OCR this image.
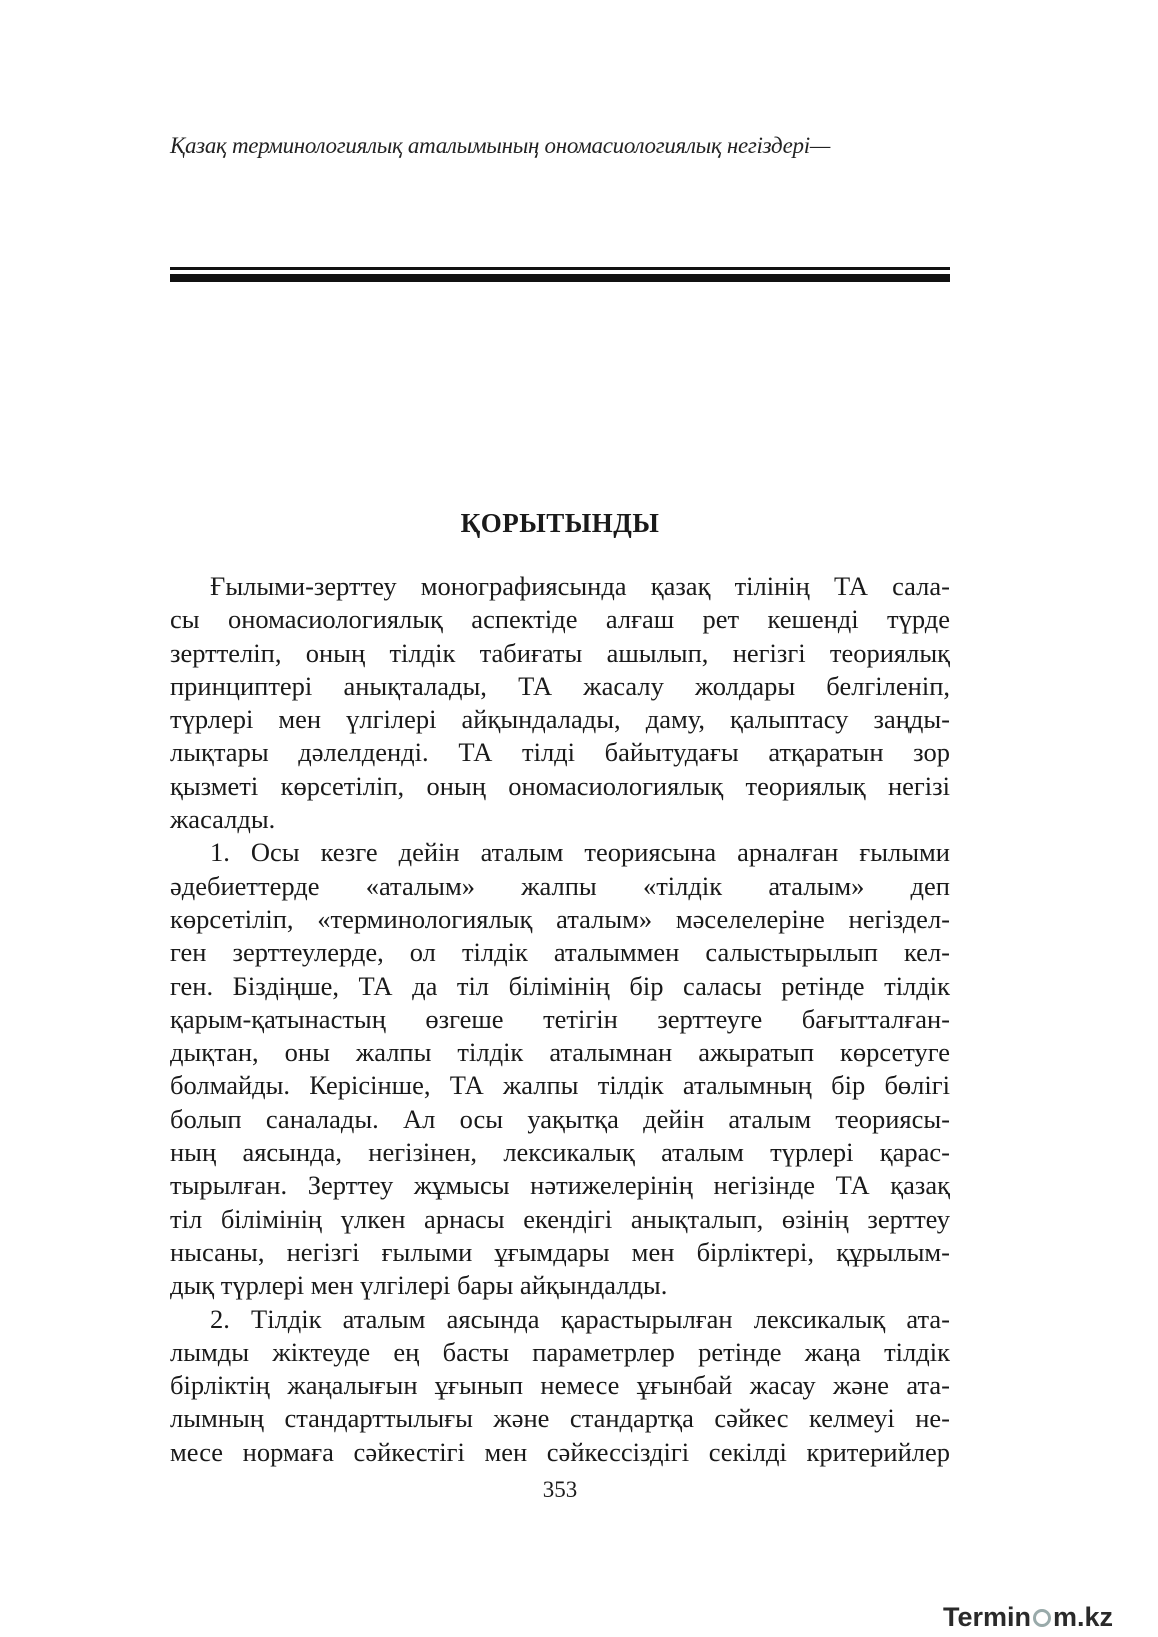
Қазақ терминологиялық аталымының ономасиологиялық негіздері—
ҚОРЫТЫНДЫ
Ғылыми-зерттеу монографиясында қазақ тілінің ТА сала-
сы ономасиологиялық аспектіде алғаш рет кешенді түрде
зерттеліп, оның тілдік табиғаты ашылып, негізгі теориялық
принциптері анықталады, ТА жасалу жолдары белгіленіп,
түрлері мен үлгілері айқындалады, даму, қалыптасу заңды-
лықтары дәлелденді. ТА тілді байытудағы атқаратын зор
қызметі көрсетіліп, оның ономасиологиялық теориялық негізі
жасалды.
1. Осы кезге дейін аталым теориясына арналған ғылыми
әдебиеттерде «аталым» жалпы «тілдік аталым» деп
көрсетіліп, «терминологиялық аталым» мәселелеріне негіздел-
ген зерттеулерде, ол тілдік аталыммен салыстырылып кел-
ген. Біздіңше, ТА да тіл білімінің бір саласы ретінде тілдік
қарым-қатынастың өзгеше тетігін зерттеуге бағытталған-
дықтан, оны жалпы тілдік аталымнан ажыратып көрсетуге
болмайды. Керісінше, ТА жалпы тілдік аталымның бір бөлігі
болып саналады. Ал осы уақытқа дейін аталым теориясы-
ның аясында, негізінен, лексикалық аталым түрлері қарас-
тырылған. Зерттеу жұмысы нәтижелерінің негізінде ТА қазақ
тіл білімінің үлкен арнасы екендігі анықталып, өзінің зерттеу
нысаны, негізгі ғылыми ұғымдары мен бірліктері, құрылым-
дық түрлері мен үлгілері бары айқындалды.
2. Тілдік аталым аясында қарастырылған лексикалық ата-
лымды жіктеуде ең басты параметрлер ретінде жаңа тілдік
бірліктің жаңалығын ұғынып немесе ұғынбай жасау және ата-
лымның стандарттылығы және стандартқа сәйкес келмеуі не-
месе нормаға сәйкестігі мен сәйкессіздігі секілді критерийлер
353
Termin m.kz
